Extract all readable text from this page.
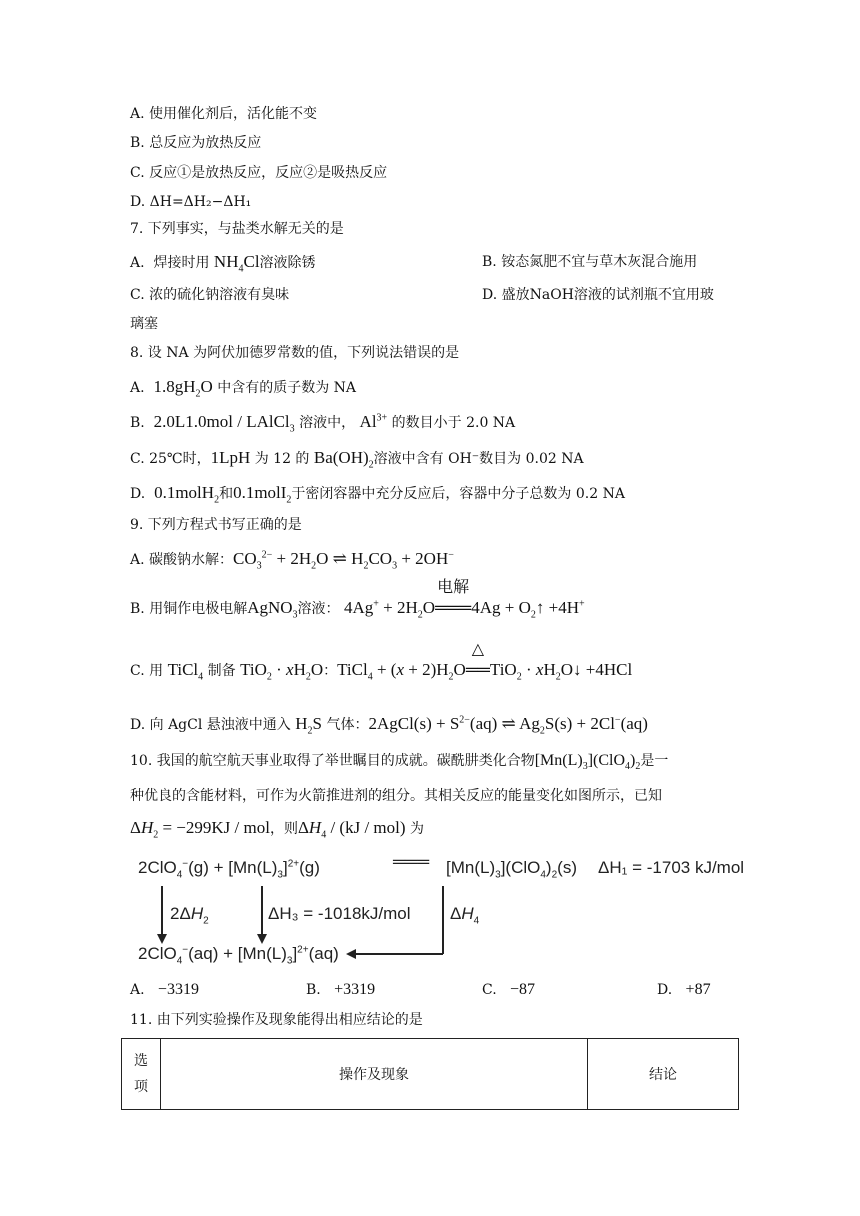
A. 使用催化剂后，活化能不变
B. 总反应为放热反应
C. 反应①是放热反应，反应②是吸热反应
D. ΔH=ΔH₂−ΔH₁
7. 下列事实，与盐类水解无关的是
A.  焊接时用 $NH_4Cl$溶液除锈	B. 铵态氮肥不宜与草木灰混合施用
C. 浓的硫化钠溶液有臭味	D. 盛放NaOH溶液的试剂瓶不宜用玻
璃塞
8. 设 NA 为阿伏加德罗常数的值，下列说法错误的是
A.  $1.8gH_2O$ 中含有的质子数为 NA
B.  2.0L1.0mol / LAlCl$_3$ 溶液中， $Al^{3+}$ 的数目小于 2.0 NA
C. 25℃时，1LpH 为 12 的 $Ba(OH)_2$溶液中含有 OH⁻数目为 0.02 NA
D.  0.1molH$_2$和0.1molI$_2$于密闭容器中充分反应后，容器中分子总数为 0.2 NA
9. 下列方程式书写正确的是
A. 碳酸钠水解：$CO_3^{2-} + 2H_2O$ ⇌ $H_2CO_3 + 2OH^-$
B. 用铜作电极电解AgNO$_3$溶液： $4Ag^+ + 2H_2O$
电解
═══4Ag + $O_2↑ +4H^+$
C. 用 TiCl$_4$ 制备 $TiO_2 \cdot xH_2O$：TiCl$_4$ + $(x + 2)H_2O$
△
══TiO$_2$ · $xH_2O↓ +4HCl$
D. 向 AgCl 悬浊液中通入 $H_2S$ 气体：2AgCl(s) + $S^{2-}(aq)$ ⇌ $Ag_2S(s) + 2Cl^-(aq)$
10. 我国的航空航天事业取得了举世瞩目的成就。碳酰肼类化合物$[Mn(L)_3](ClO_4)_2$是一
种优良的含能材料，可作为火箭推进剂的组分。其相关反应的能量变化如图所示，已知
$\Delta H_2 = -299KJ$ / mol，则$\Delta H_4 / (kJ / mol)$ 为
$2ClO_4^-(g) + [Mn(L)_3]^{2+}(g)$	═══ $[Mn(L)_3](ClO_4)_2(s) \Delta H_1 = -1703$ kJ/mol
$2\Delta H_2$	ΔH₃ = -1018kJ/mol $\Delta H_4$
$2ClO_4^-(aq) + [Mn(L)_3]^{2+}(aq)$
A. −3319	B. +3319	C. −87	D. +87
11. 由下列实验操作及现象能得出相应结论的是
选
项	操作及现象	结论
